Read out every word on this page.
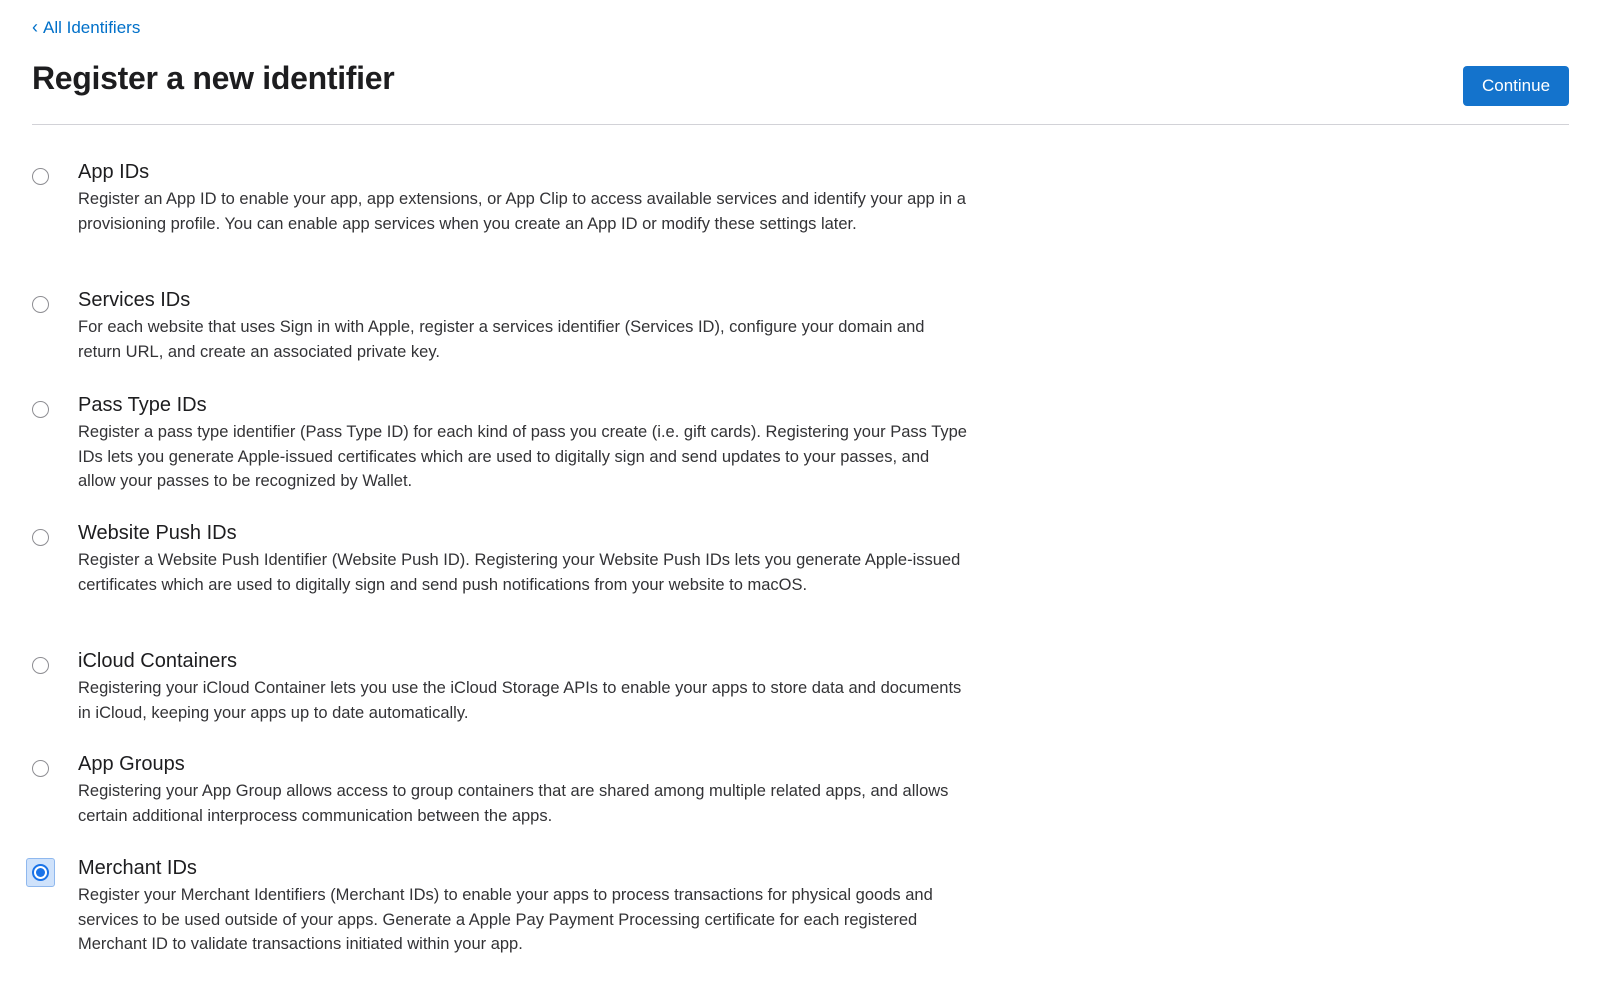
‹ All Identifiers
Register a new identifier	Continue
App IDs
Register an App ID to enable your app, app extensions, or App Clip to access available services and identify your app in a provisioning profile. You can enable app services when you create an App ID or modify these settings later.
Services IDs
For each website that uses Sign in with Apple, register a services identifier (Services ID), configure your domain and return URL, and create an associated private key.
Pass Type IDs
Register a pass type identifier (Pass Type ID) for each kind of pass you create (i.e. gift cards). Registering your Pass Type IDs lets you generate Apple-issued certificates which are used to digitally sign and send updates to your passes, and allow your passes to be recognized by Wallet.
Website Push IDs
Register a Website Push Identifier (Website Push ID). Registering your Website Push IDs lets you generate Apple-issued certificates which are used to digitally sign and send push notifications from your website to macOS.
iCloud Containers
Registering your iCloud Container lets you use the iCloud Storage APIs to enable your apps to store data and documents in iCloud, keeping your apps up to date automatically.
App Groups
Registering your App Group allows access to group containers that are shared among multiple related apps, and allows certain additional interprocess communication between the apps.
Merchant IDs
Register your Merchant Identifiers (Merchant IDs) to enable your apps to process transactions for physical goods and services to be used outside of your apps. Generate a Apple Pay Payment Processing certificate for each registered Merchant ID to validate transactions initiated within your app.
